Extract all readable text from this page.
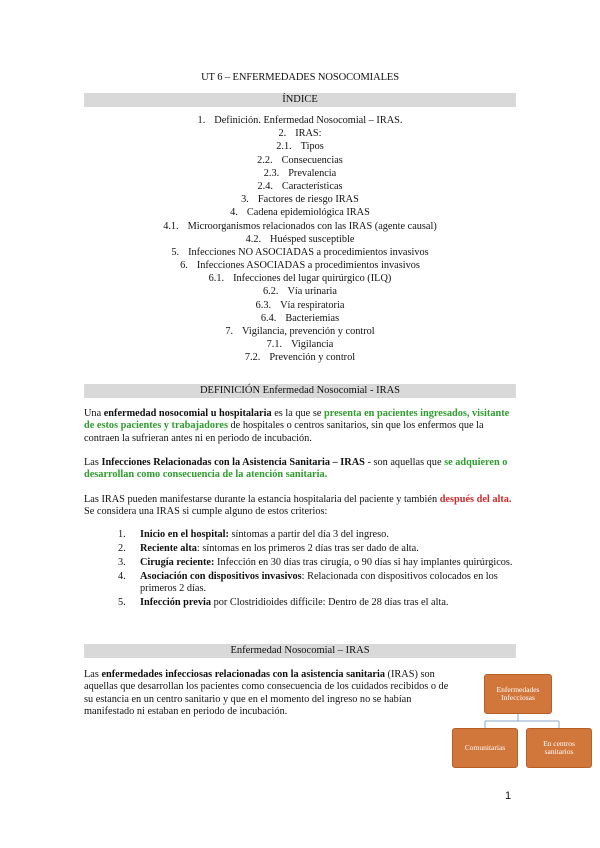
UT 6 – ENFERMEDADES NOSOCOMIALES
ÍNDICE
1. Definición. Enfermedad Nosocomial – IRAS.
2. IRAS:
2.1. Tipos
2.2. Consecuencias
2.3. Prevalencia
2.4. Características
3. Factores de riesgo IRAS
4. Cadena epidemiológica IRAS
4.1. Microorganismos relacionados con las IRAS (agente causal)
4.2. Huésped susceptible
5. Infecciones NO ASOCIADAS a procedimientos invasivos
6. Infecciones ASOCIADAS a procedimientos invasivos
6.1. Infecciones del lugar quirúrgico (ILQ)
6.2. Vía urinaria
6.3. Vía respiratoria
6.4. Bacteriemias
7. Vigilancia, prevención y control
7.1. Vigilancia
7.2. Prevención y control
DEFINICIÓN Enfermedad Nosocomial - IRAS

Una enfermedad nosocomial u hospitalaria es la que se presenta en pacientes ingresados, visitante de estos pacientes y trabajadores de hospitales o centros sanitarios, sin que los enfermos que la contraen la sufrieran antes ni en periodo de incubación.

Las Infecciones Relacionadas con la Asistencia Sanitaria – IRAS - son aquellas que se adquieren o desarrollan como consecuencia de la atención sanitaria.

Las IRAS pueden manifestarse durante la estancia hospitalaria del paciente y también después del alta. Se considera una IRAS si cumple alguno de estos criterios:

1. Inicio en el hospital: síntomas a partir del día 3 del ingreso.
2. Reciente alta: síntomas en los primeros 2 días tras ser dado de alta.
3. Cirugía reciente: Infección en 30 días tras cirugía, o 90 días si hay implantes quirúrgicos.
4. Asociación con dispositivos invasivos: Relacionada con dispositivos colocados en los primeros 2 días.
5. Infección previa por Clostridioides difficile: Dentro de 28 días tras el alta.
Enfermedad Nosocomial – IRAS

Las enfermedades infecciosas relacionadas con la asistencia sanitaria (IRAS) son aquellas que desarrollan los pacientes como consecuencia de los cuidados recibidos o de su estancia en un centro sanitario y que en el momento del ingreso no se habían manifestado ni estaban en periodo de incubación.

Enfermedades Infecciosas
Comunitarias	En centros sanitarios
1
